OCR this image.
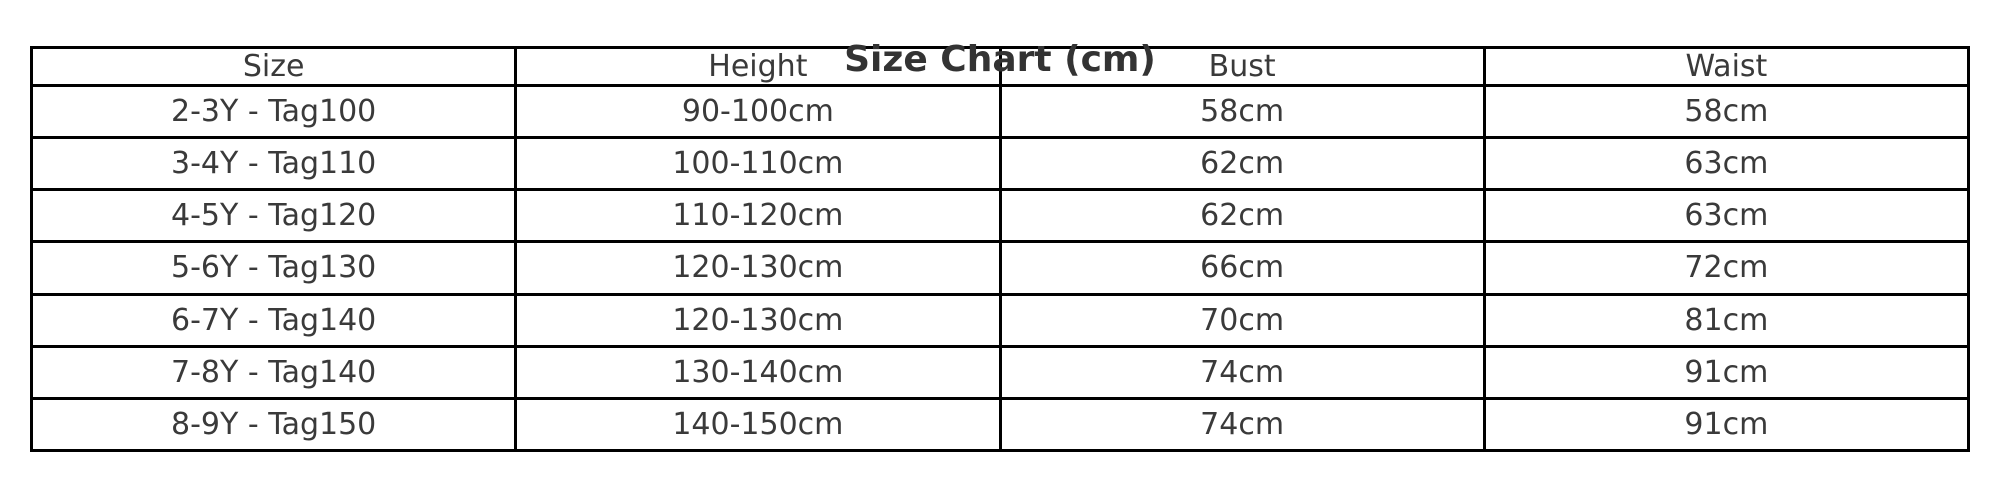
Size	Height	Bust	Waist
2-3Y - Tag100	90-100cm	58cm	58cm
3-4Y - Tag110	100-110cm	62cm	63cm
4-5Y - Tag120	110-120cm	62cm	63cm
5-6Y - Tag130	120-130cm	66cm	72cm
6-7Y - Tag140	120-130cm	70cm	81cm
7-8Y - Tag140	130-140cm	74cm	91cm
8-9Y - Tag150	140-150cm	74cm	91cm
Size Chart (cm)
